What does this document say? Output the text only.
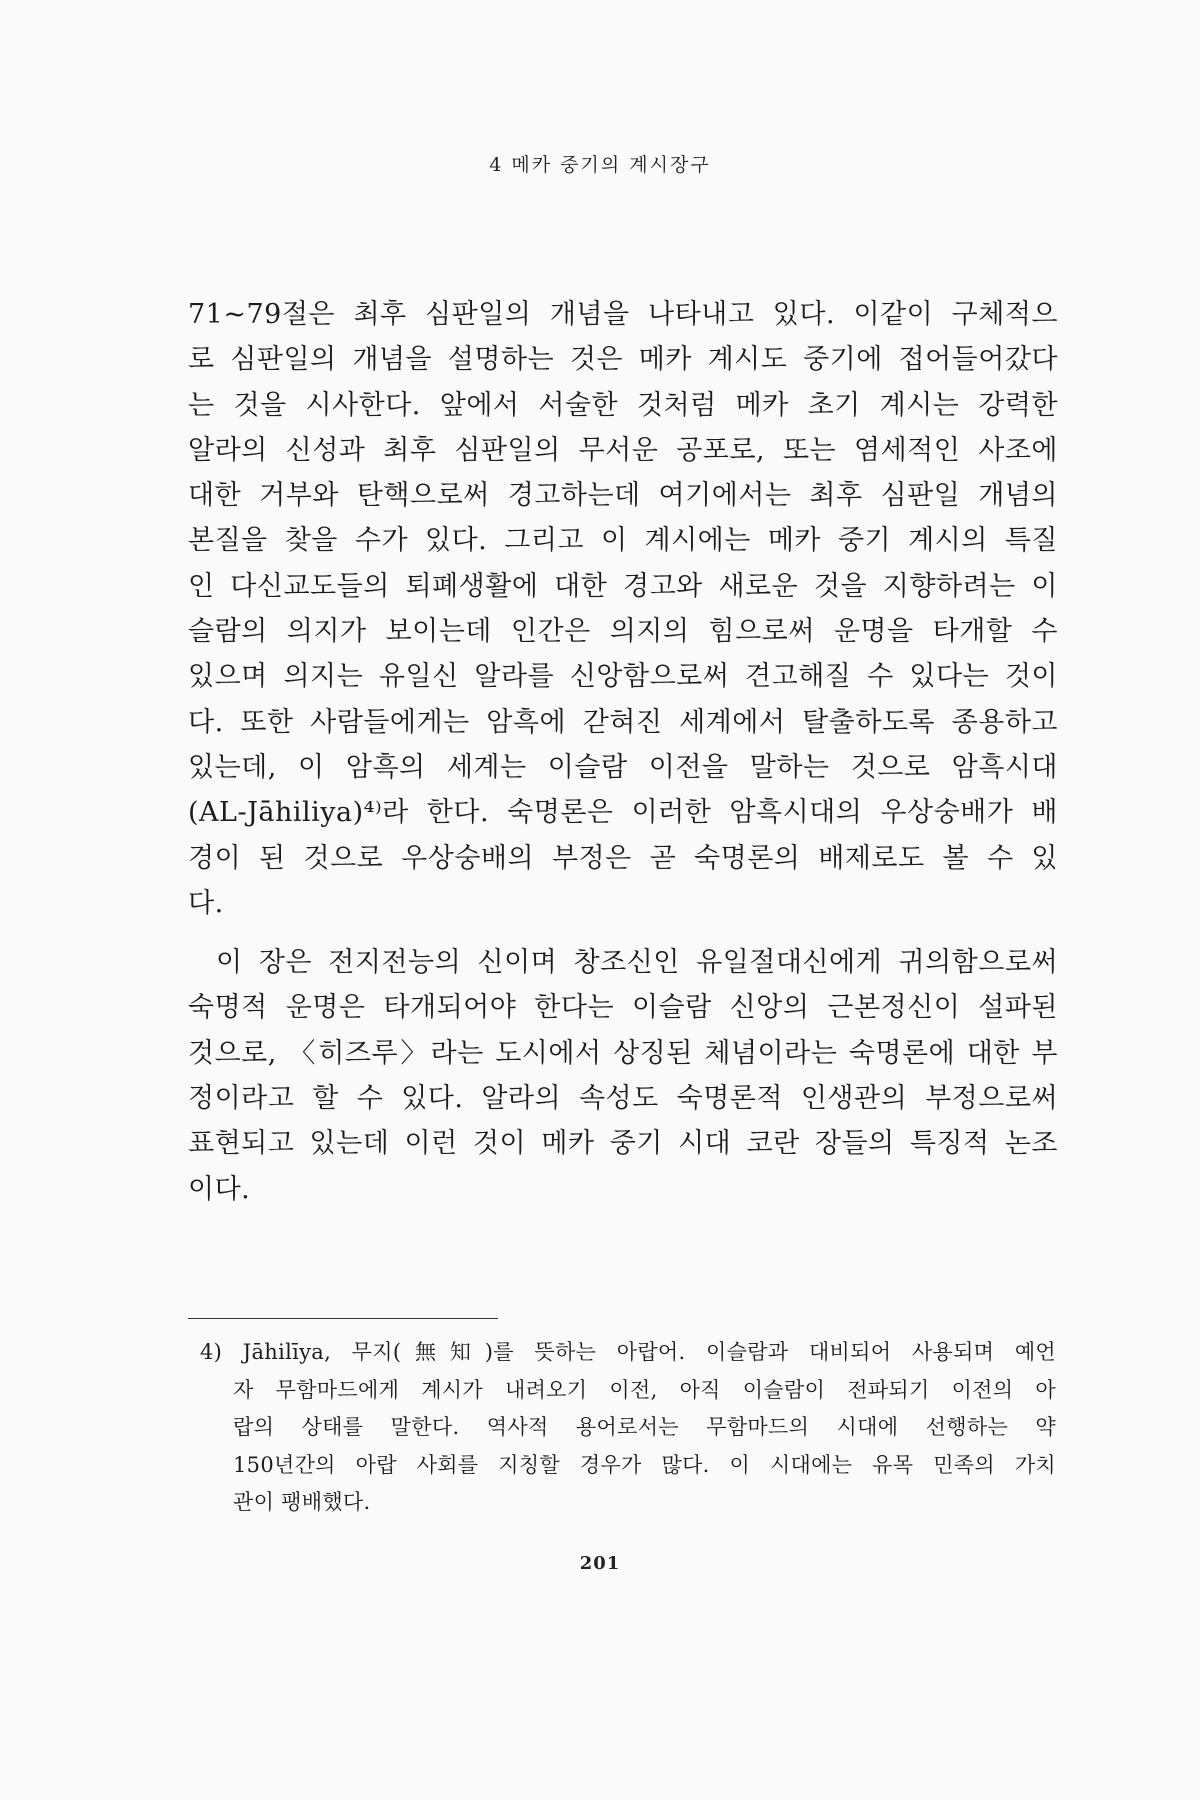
4 메카 중기의 계시장구
71~79절은 최후 심판일의 개념을 나타내고 있다. 이같이 구체적으
로 심판일의 개념을 설명하는 것은 메카 계시도 중기에 접어들어갔다
는 것을 시사한다. 앞에서 서술한 것처럼 메카 초기 계시는 강력한
알라의 신성과 최후 심판일의 무서운 공포로, 또는 염세적인 사조에
대한 거부와 탄핵으로써 경고하는데 여기에서는 최후 심판일 개념의
본질을 찾을 수가 있다. 그리고 이 계시에는 메카 중기 계시의 특질
인 다신교도들의 퇴폐생활에 대한 경고와 새로운 것을 지향하려는 이
슬람의 의지가 보이는데 인간은 의지의 힘으로써 운명을 타개할 수
있으며 의지는 유일신 알라를 신앙함으로써 견고해질 수 있다는 것이
다. 또한 사람들에게는 암흑에 갇혀진 세계에서 탈출하도록 종용하고
있는데, 이 암흑의 세계는 이슬람 이전을 말하는 것으로 암흑시대
(AL-Jāhiliya)⁴⁾라 한다. 숙명론은 이러한 암흑시대의 우상숭배가 배
경이 된 것으로 우상숭배의 부정은 곧 숙명론의 배제로도 볼 수 있
다.
이 장은 전지전능의 신이며 창조신인 유일절대신에게 귀의함으로써
숙명적 운명은 타개되어야 한다는 이슬람 신앙의 근본정신이 설파된
것으로, 〈히즈루〉라는 도시에서 상징된 체념이라는 숙명론에 대한 부
정이라고 할 수 있다. 알라의 속성도 숙명론적 인생관의 부정으로써
표현되고 있는데 이런 것이 메카 중기 시대 코란 장들의 특징적 논조
이다.
4) Jāhilīya, 무지(無知)를 뜻하는 아랍어. 이슬람과 대비되어 사용되며 예언
자 무함마드에게 계시가 내려오기 이전, 아직 이슬람이 전파되기 이전의 아
랍의 상태를 말한다. 역사적 용어로서는 무함마드의 시대에 선행하는 약
150년간의 아랍 사회를 지칭할 경우가 많다. 이 시대에는 유목 민족의 가치
관이 팽배했다.
201
